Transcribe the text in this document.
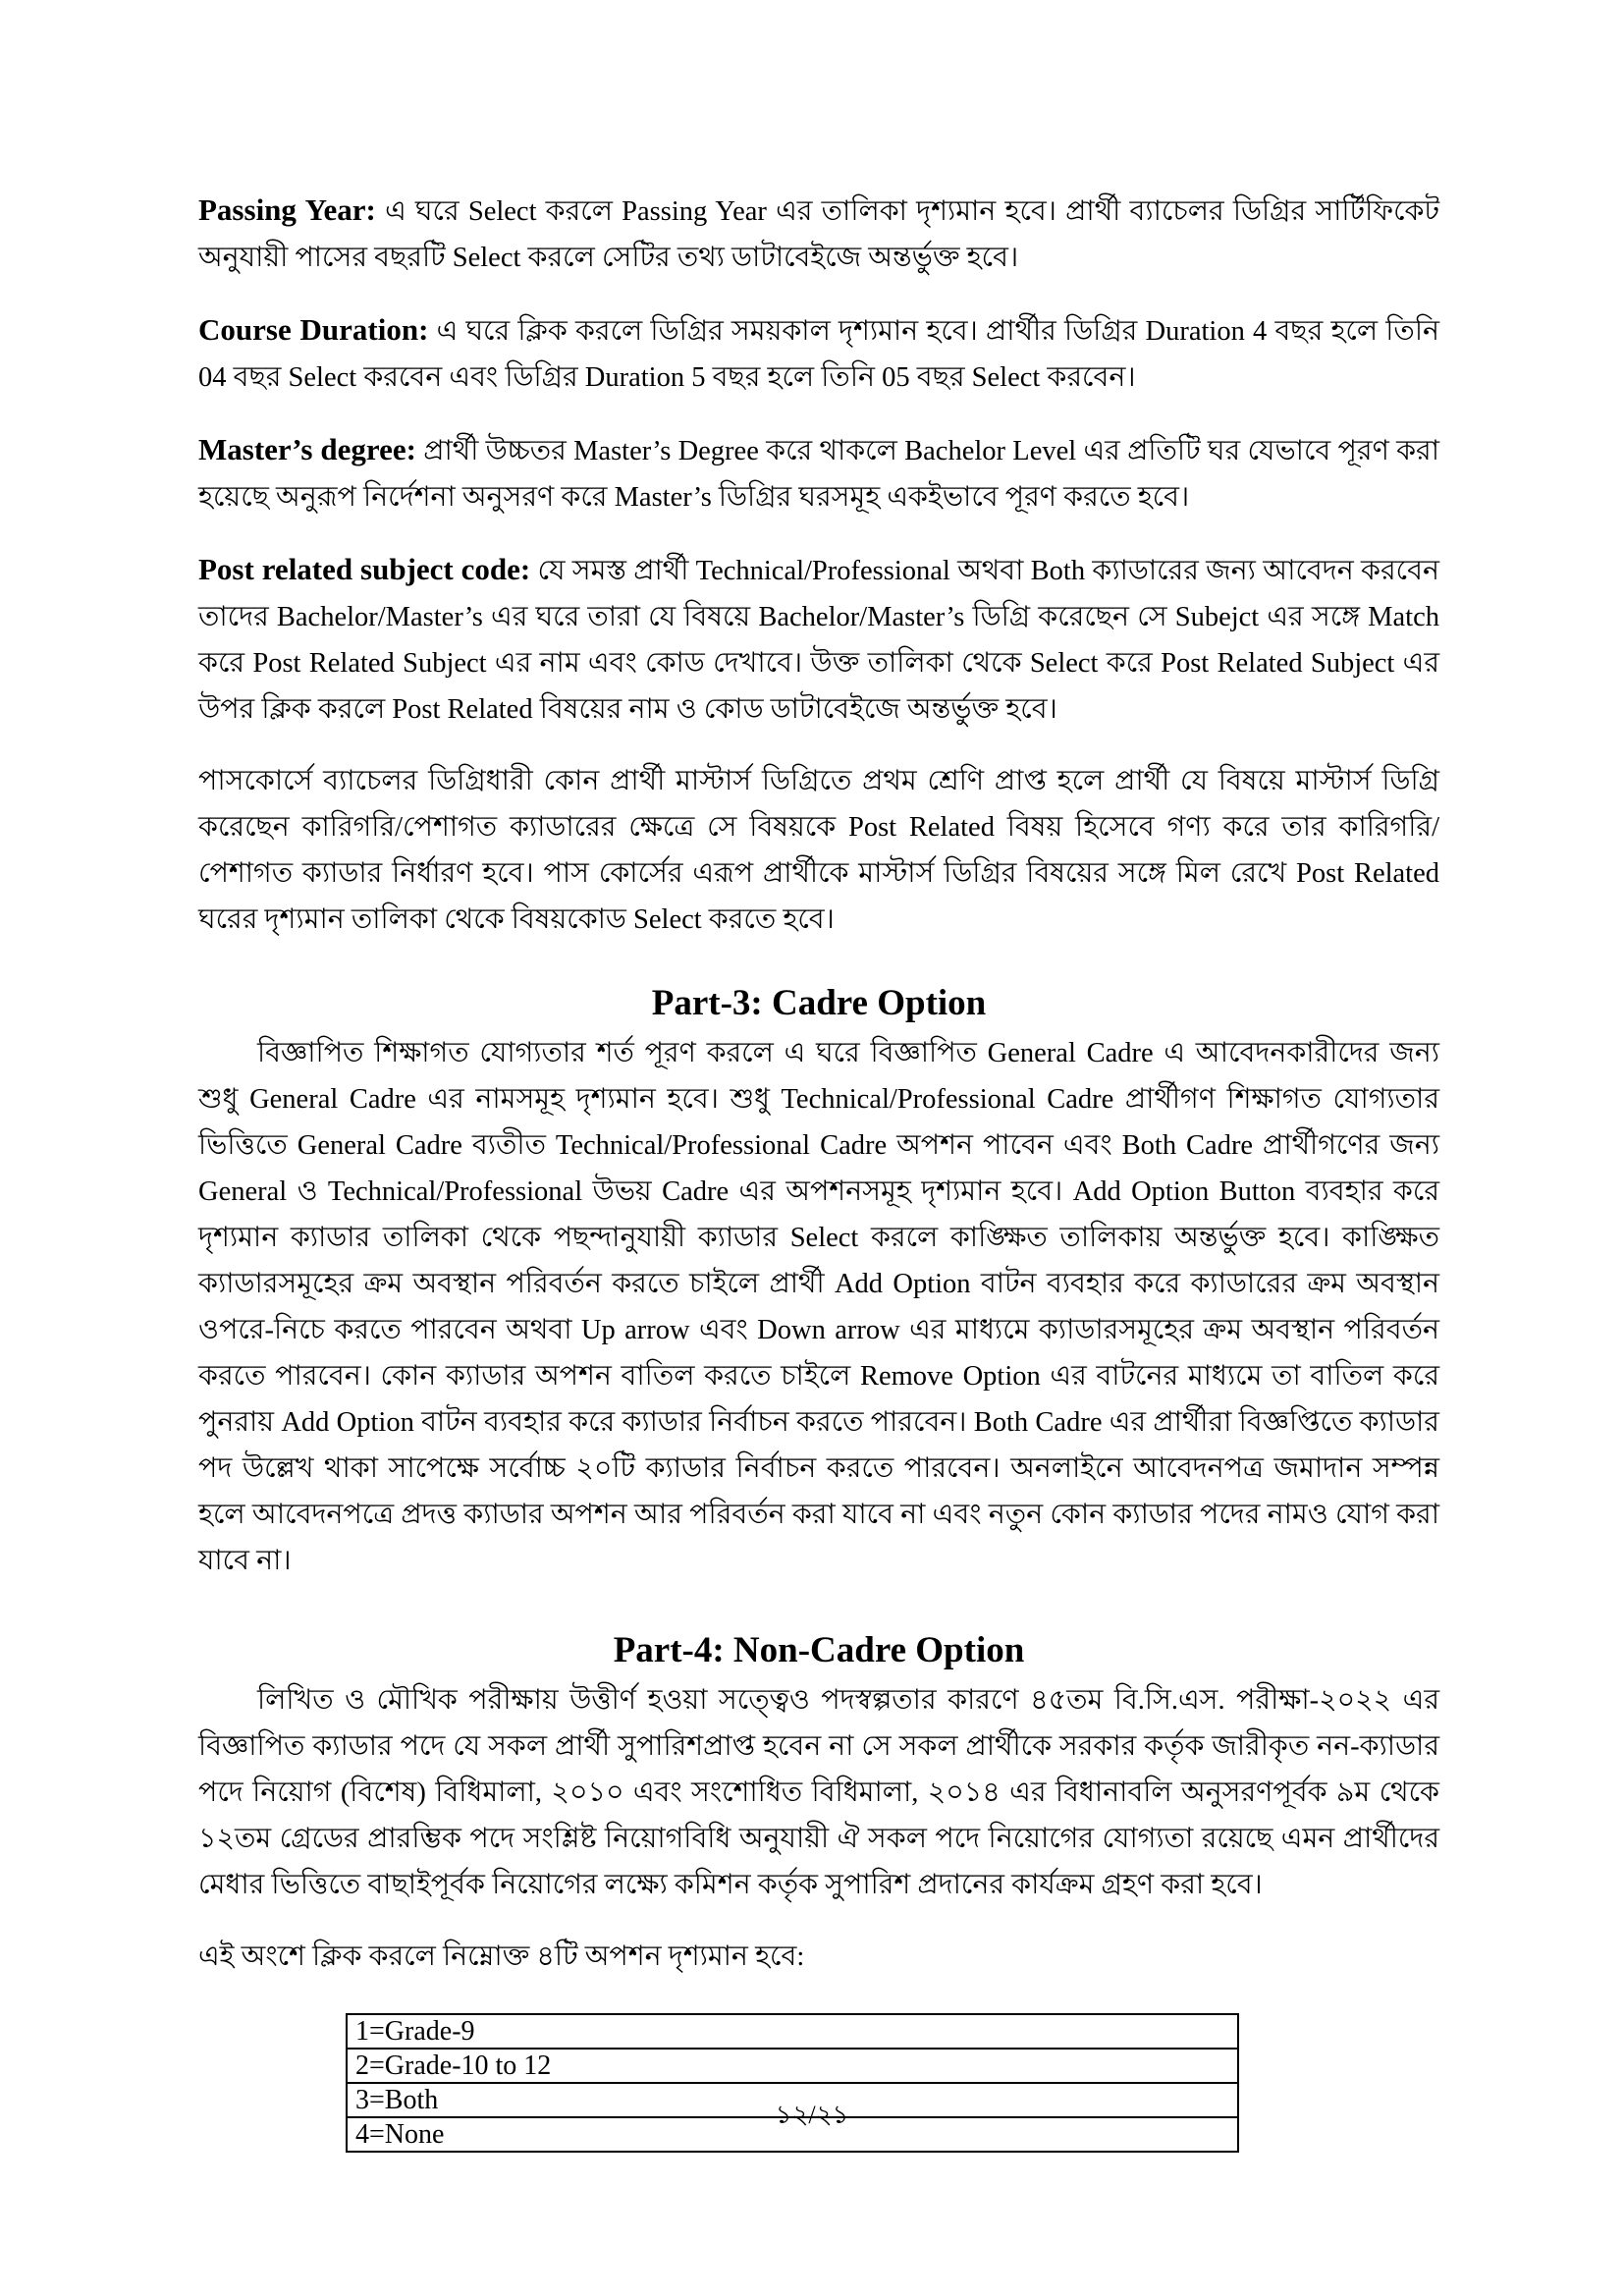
Passing Year: এ ঘরে Select করলে Passing Year এর তালিকা দৃশ্যমান হবে। প্রার্থী ব্যাচেলর ডিগ্রির সার্টিফিকেট অনুযায়ী পাসের বছরটি Select করলে সেটির তথ্য ডাটাবেইজে অন্তর্ভুক্ত হবে।

Course Duration: এ ঘরে ক্লিক করলে ডিগ্রির সময়কাল দৃশ্যমান হবে। প্রার্থীর ডিগ্রির Duration 4 বছর হলে তিনি 04 বছর Select করবেন এবং ডিগ্রির Duration 5 বছর হলে তিনি 05 বছর Select করবেন।

Master’s degree: প্রার্থী উচ্চতর Master’s Degree করে থাকলে Bachelor Level এর প্রতিটি ঘর যেভাবে পূরণ করা হয়েছে অনুরূপ নির্দেশনা অনুসরণ করে Master’s ডিগ্রির ঘরসমূহ একইভাবে পূরণ করতে হবে।

Post related subject code: যে সমস্ত প্রার্থী Technical/Professional অথবা Both ক্যাডারের জন্য আবেদন করবেন তাদের Bachelor/Master’s এর ঘরে তারা যে বিষয়ে Bachelor/Master’s ডিগ্রি করেছেন সে Subejct এর সঙ্গে Match করে Post Related Subject এর নাম এবং কোড দেখাবে। উক্ত তালিকা থেকে Select করে Post Related Subject এর উপর ক্লিক করলে Post Related বিষয়ের নাম ও কোড ডাটাবেইজে অন্তর্ভুক্ত হবে।

পাসকোর্সে ব্যাচেলর ডিগ্রিধারী কোন প্রার্থী মাস্টার্স ডিগ্রিতে প্রথম শ্রেণি প্রাপ্ত হলে প্রার্থী যে বিষয়ে মাস্টার্স ডিগ্রি করেছেন কারিগরি/পেশাগত ক্যাডারের ক্ষেত্রে সে বিষয়কে Post Related বিষয় হিসেবে গণ্য করে তার কারিগরি/পেশাগত ক্যাডার নির্ধারণ হবে। পাস কোর্সের এরূপ প্রার্থীকে মাস্টার্স ডিগ্রির বিষয়ের সঙ্গে মিল রেখে Post Related ঘরের দৃশ্যমান তালিকা থেকে বিষয়কোড Select করতে হবে।

Part-3: Cadre Option

বিজ্ঞাপিত শিক্ষাগত যোগ্যতার শর্ত পূরণ করলে এ ঘরে বিজ্ঞাপিত General Cadre এ আবেদনকারীদের জন্য শুধু General Cadre এর নামসমূহ দৃশ্যমান হবে। শুধু Technical/Professional Cadre প্রার্থীগণ শিক্ষাগত যোগ্যতার ভিত্তিতে General Cadre ব্যতীত Technical/Professional Cadre অপশন পাবেন এবং Both Cadre প্রার্থীগণের জন্য General ও Technical/Professional উভয় Cadre এর অপশনসমূহ দৃশ্যমান হবে। Add Option Button ব্যবহার করে দৃশ্যমান ক্যাডার তালিকা থেকে পছন্দানুযায়ী ক্যাডার Select করলে কাঙ্ক্ষিত তালিকায় অন্তর্ভুক্ত হবে। কাঙ্ক্ষিত ক্যাডারসমূহের ক্রম অবস্থান পরিবর্তন করতে চাইলে প্রার্থী Add Option বাটন ব্যবহার করে ক্যাডারের ক্রম অবস্থান ওপরে-নিচে করতে পারবেন অথবা Up arrow এবং Down arrow এর মাধ্যমে ক্যাডারসমূহের ক্রম অবস্থান পরিবর্তন করতে পারবেন। কোন ক্যাডার অপশন বাতিল করতে চাইলে Remove Option এর বাটনের মাধ্যমে তা বাতিল করে পুনরায় Add Option বাটন ব্যবহার করে ক্যাডার নির্বাচন করতে পারবেন। Both Cadre এর প্রার্থীরা বিজ্ঞপ্তিতে ক্যাডার পদ উল্লেখ থাকা সাপেক্ষে সর্বোচ্চ ২০টি ক্যাডার নির্বাচন করতে পারবেন। অনলাইনে আবেদনপত্র জমাদান সম্পন্ন হলে আবেদনপত্রে প্রদত্ত ক্যাডার অপশন আর পরিবর্তন করা যাবে না এবং নতুন কোন ক্যাডার পদের নামও যোগ করা যাবে না।

Part-4: Non-Cadre Option

লিখিত ও মৌখিক পরীক্ষায় উত্তীর্ণ হওয়া সত্ত্বেও পদস্বল্পতার কারণে ৪৫তম বি.সি.এস. পরীক্ষা-২০২২ এর বিজ্ঞাপিত ক্যাডার পদে যে সকল প্রার্থী সুপারিশপ্রাপ্ত হবেন না সে সকল প্রার্থীকে সরকার কর্তৃক জারীকৃত নন-ক্যাডার পদে নিয়োগ (বিশেষ) বিধিমালা, ২০১০ এবং সংশোধিত বিধিমালা, ২০১৪ এর বিধানাবলি অনুসরণপূর্বক ৯ম থেকে ১২তম গ্রেডের প্রারম্ভিক পদে সংশ্লিষ্ট নিয়োগবিধি অনুযায়ী ঐ সকল পদে নিয়োগের যোগ্যতা রয়েছে এমন প্রার্থীদের মেধার ভিত্তিতে বাছাইপূর্বক নিয়োগের লক্ষ্যে কমিশন কর্তৃক সুপারিশ প্রদানের কার্যক্রম গ্রহণ করা হবে।

এই অংশে ক্লিক করলে নিম্নোক্ত ৪টি অপশন দৃশ্যমান হবে:

1=Grade-9
2=Grade-10 to 12
3=Both
4=None
১২/২১
